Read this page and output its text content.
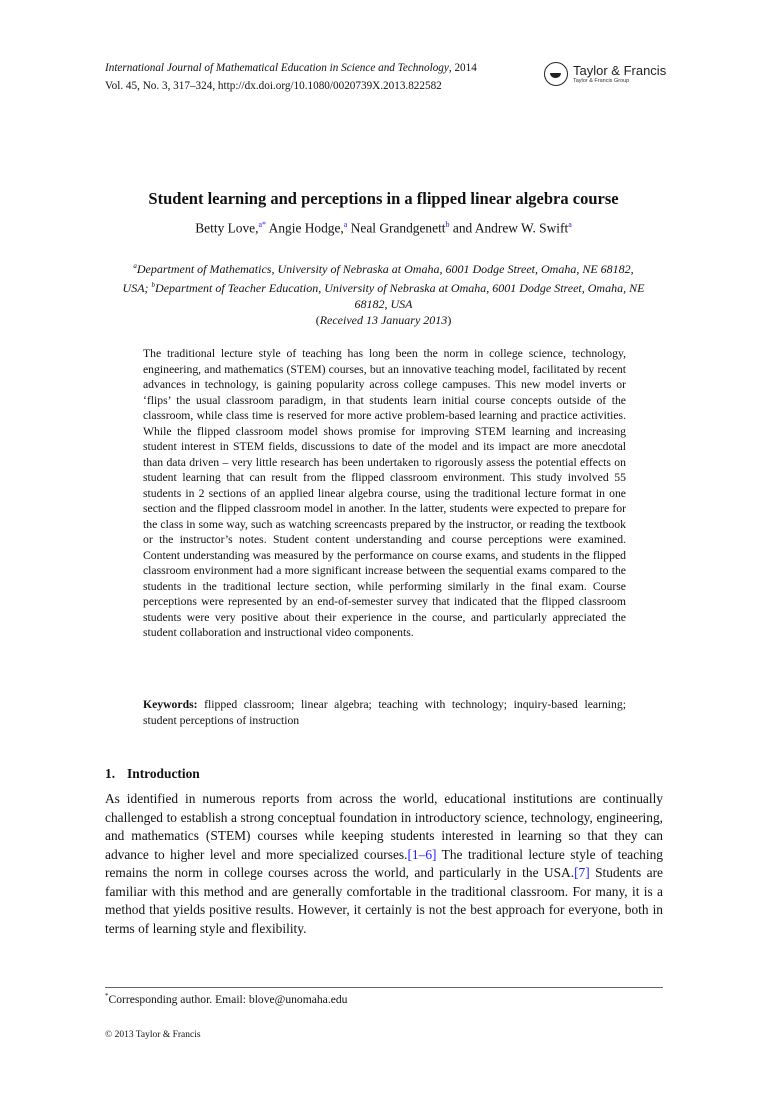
International Journal of Mathematical Education in Science and Technology, 2014
Vol. 45, No. 3, 317–324, http://dx.doi.org/10.1080/0020739X.2013.822582
Taylor & Francis
Taylor & Francis Group
Student learning and perceptions in a flipped linear algebra course
Betty Love,$^{a*}$ Angie Hodge,$^a$ Neal Grandgenett$^b$ and Andrew W. Swift$^a$
$^a$Department of Mathematics, University of Nebraska at Omaha, 6001 Dodge Street, Omaha, NE 68182, USA; $^b$Department of Teacher Education, University of Nebraska at Omaha, 6001 Dodge Street, Omaha, NE 68182, USA
(Received 13 January 2013)
The traditional lecture style of teaching has long been the norm in college science, technology, engineering, and mathematics (STEM) courses, but an innovative teaching model, facilitated by recent advances in technology, is gaining popularity across college campuses. This new model inverts or ‘flips’ the usual classroom paradigm, in that students learn initial course concepts outside of the classroom, while class time is reserved for more active problem-based learning and practice activities. While the flipped classroom model shows promise for improving STEM learning and increasing student interest in STEM fields, discussions to date of the model and its impact are more anecdotal than data driven – very little research has been undertaken to rigorously assess the potential effects on student learning that can result from the flipped classroom environment. This study involved 55 students in 2 sections of an applied linear algebra course, using the traditional lecture format in one section and the flipped classroom model in another. In the latter, students were expected to prepare for the class in some way, such as watching screencasts prepared by the instructor, or reading the textbook or the instructor’s notes. Student content understanding and course perceptions were examined. Content understanding was measured by the performance on course exams, and students in the flipped classroom environment had a more significant increase between the sequential exams compared to the students in the traditional lecture section, while performing similarly in the final exam. Course perceptions were represented by an end-of-semester survey that indicated that the flipped classroom students were very positive about their experience in the course, and particularly appreciated the student collaboration and instructional video components.
Keywords: flipped classroom; linear algebra; teaching with technology; inquiry-based learning; student perceptions of instruction
1. Introduction
As identified in numerous reports from across the world, educational institutions are continually challenged to establish a strong conceptual foundation in introductory science, technology, engineering, and mathematics (STEM) courses while keeping students interested in learning so that they can advance to higher level and more specialized courses.[1–6] The traditional lecture style of teaching remains the norm in college courses across the world, and particularly in the USA.[7] Students are familiar with this method and are generally comfortable in the traditional classroom. For many, it is a method that yields positive results. However, it certainly is not the best approach for everyone, both in terms of learning style and flexibility.
*Corresponding author. Email: blove@unomaha.edu
© 2013 Taylor & Francis
